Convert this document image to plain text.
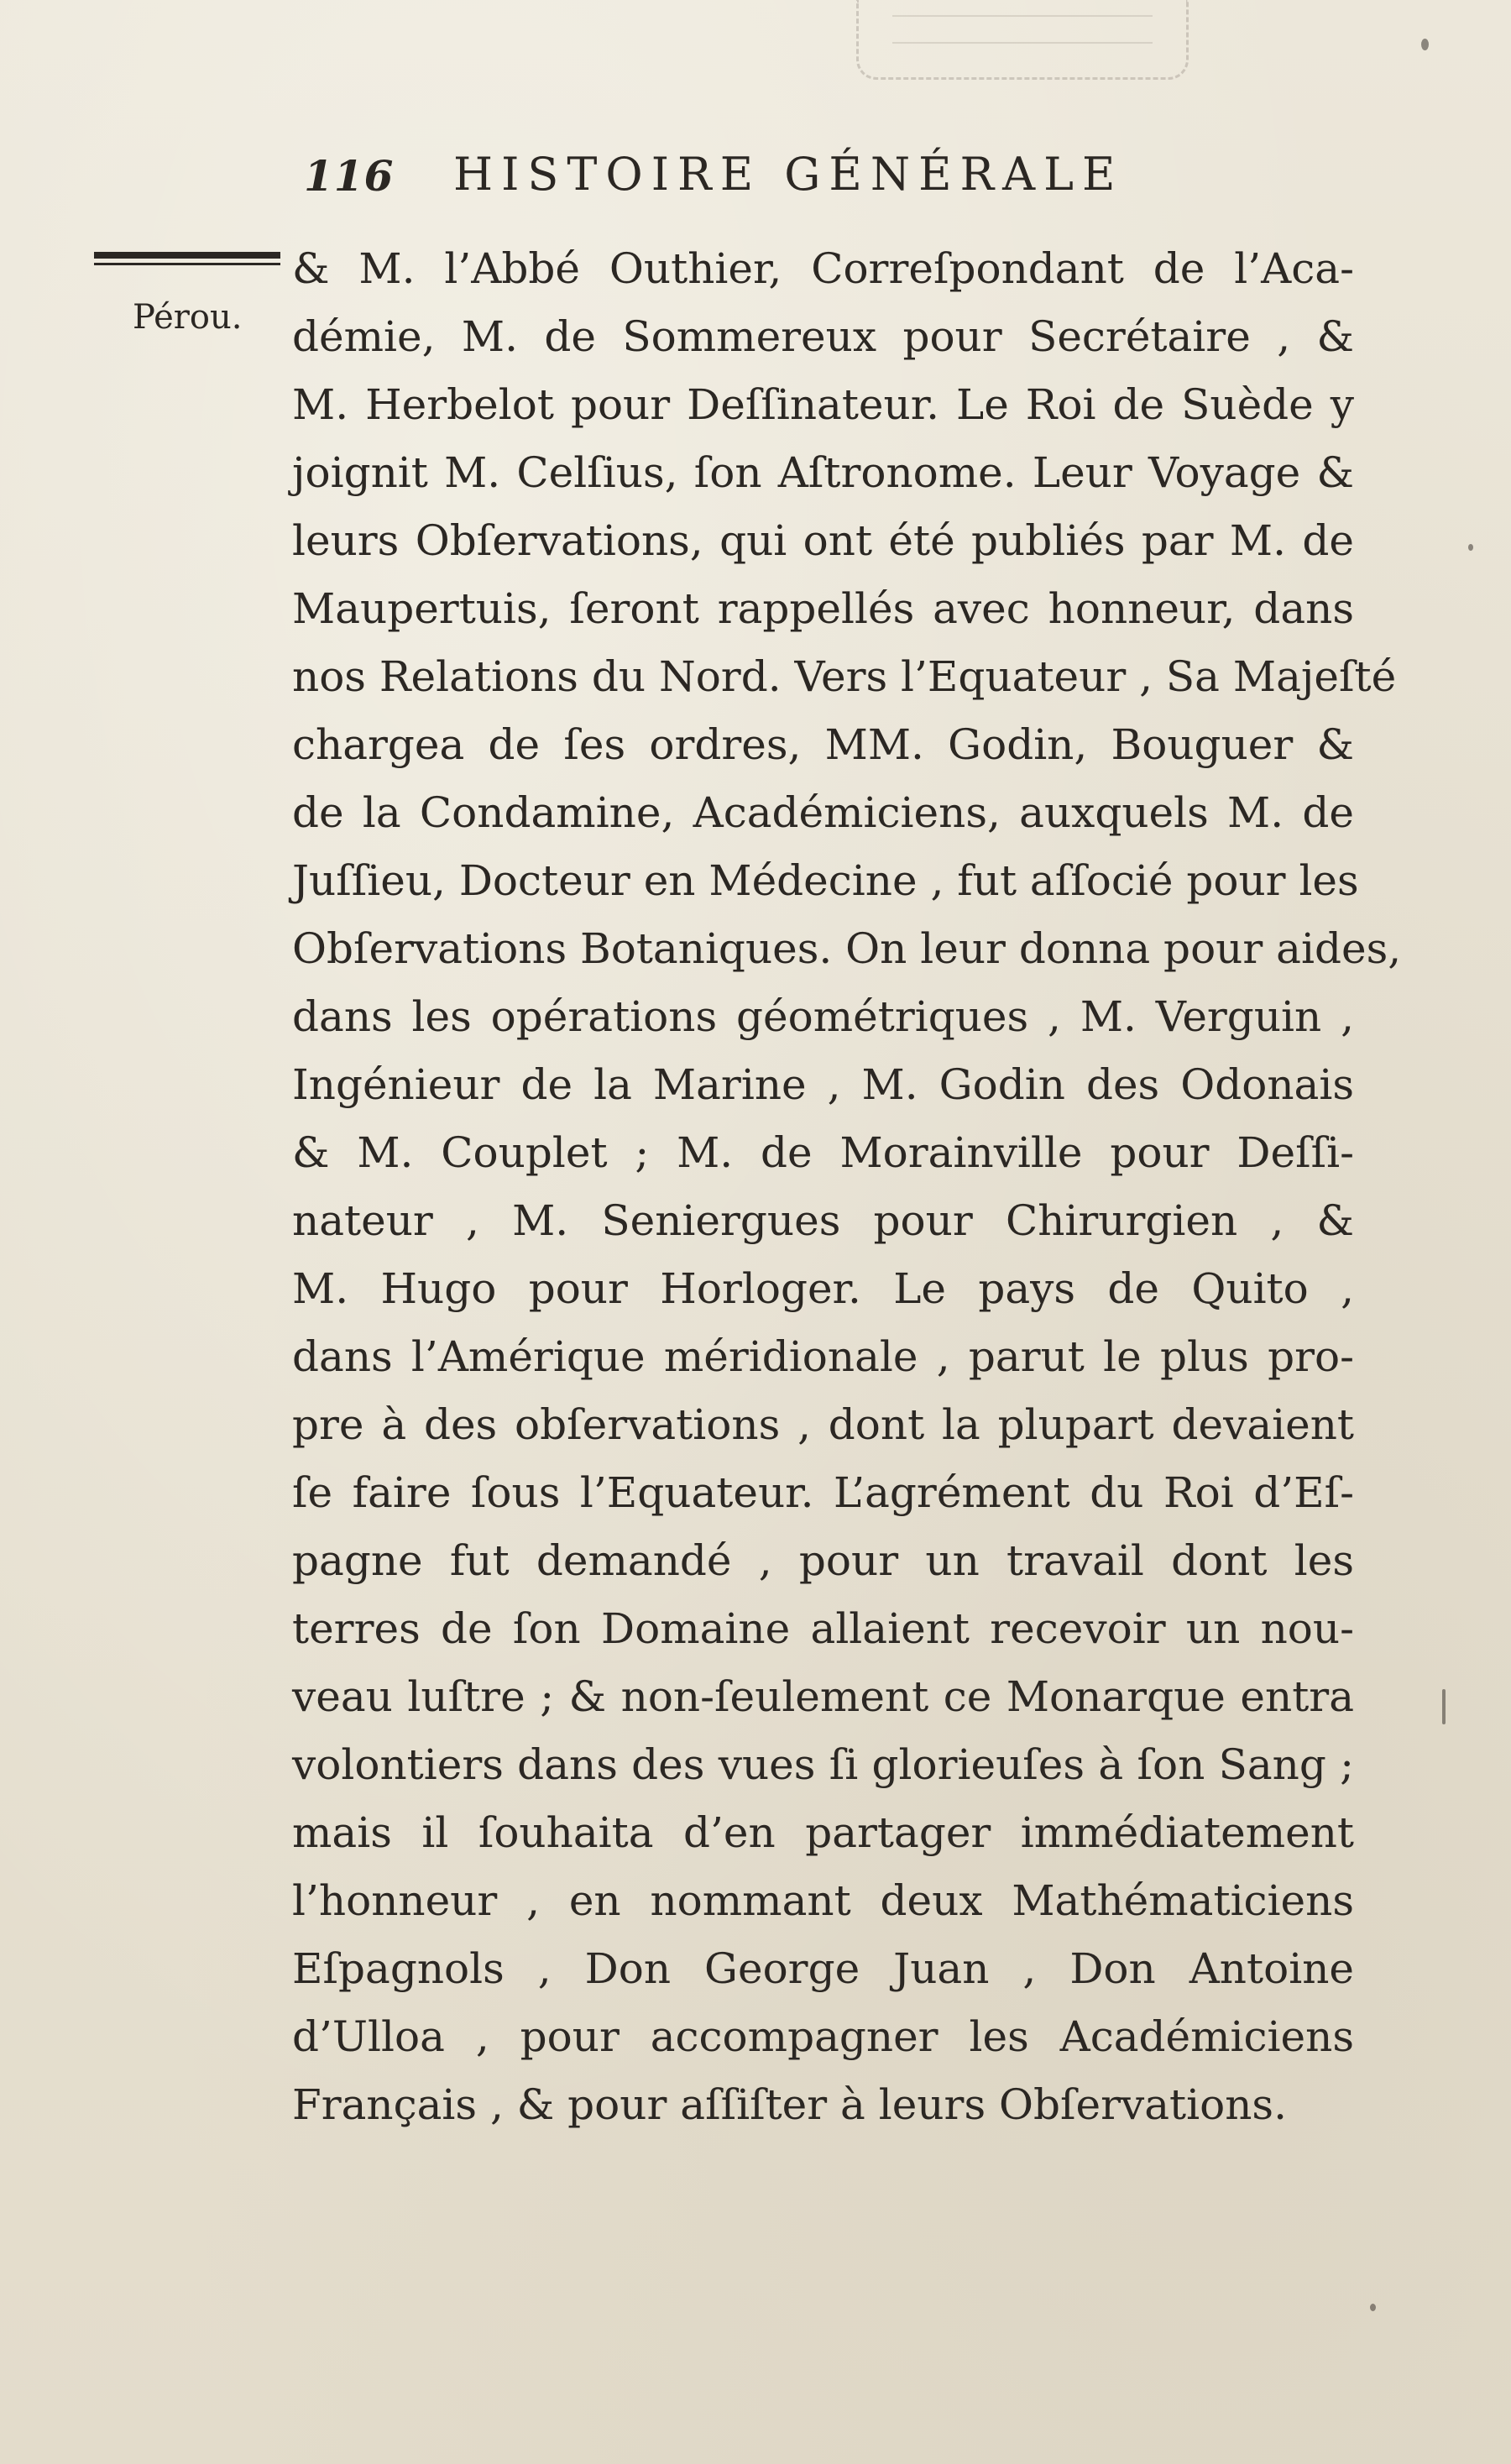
116 HISTOIRE GÉNÉRALE
Pérou.
& M. l’Abbé Outhier, Correſpondant de l’Aca-
démie, M. de Sommereux pour Secrétaire , &
M. Herbelot pour Deſſinateur. Le Roi de Suède y
joignit M. Celſius, ſon Aſtronome. Leur Voyage &
leurs Obſervations, qui ont été publiés par M. de
Maupertuis, ſeront rappellés avec honneur, dans
nos Relations du Nord. Vers l’Equateur , Sa Majeſté
chargea de ſes ordres, MM. Godin, Bouguer &
de la Condamine, Académiciens, auxquels M. de
Juſſieu, Docteur en Médecine , fut aſſocié pour les
Obſervations Botaniques. On leur donna pour aides,
dans les opérations géométriques , M. Verguin ,
Ingénieur de la Marine , M. Godin des Odonais
& M. Couplet ; M. de Morainville pour Deſſi-
nateur , M. Seniergues pour Chirurgien , &
M. Hugo pour Horloger. Le pays de Quito ,
dans l’Amérique méridionale , parut le plus pro-
pre à des obſervations , dont la plupart devaient
ſe faire ſous l’Equateur. L’agrément du Roi d’Eſ-
pagne fut demandé , pour un travail dont les
terres de ſon Domaine allaient recevoir un nou-
veau luſtre ; & non-ſeulement ce Monarque entra
volontiers dans des vues ſi glorieuſes à ſon Sang ;
mais il ſouhaita d’en partager immédiatement
l’honneur , en nommant deux Mathématiciens
Eſpagnols , Don George Juan , Don Antoine
d’Ulloa , pour accompagner les Académiciens
Français , & pour aſſiſter à leurs Obſervations.
